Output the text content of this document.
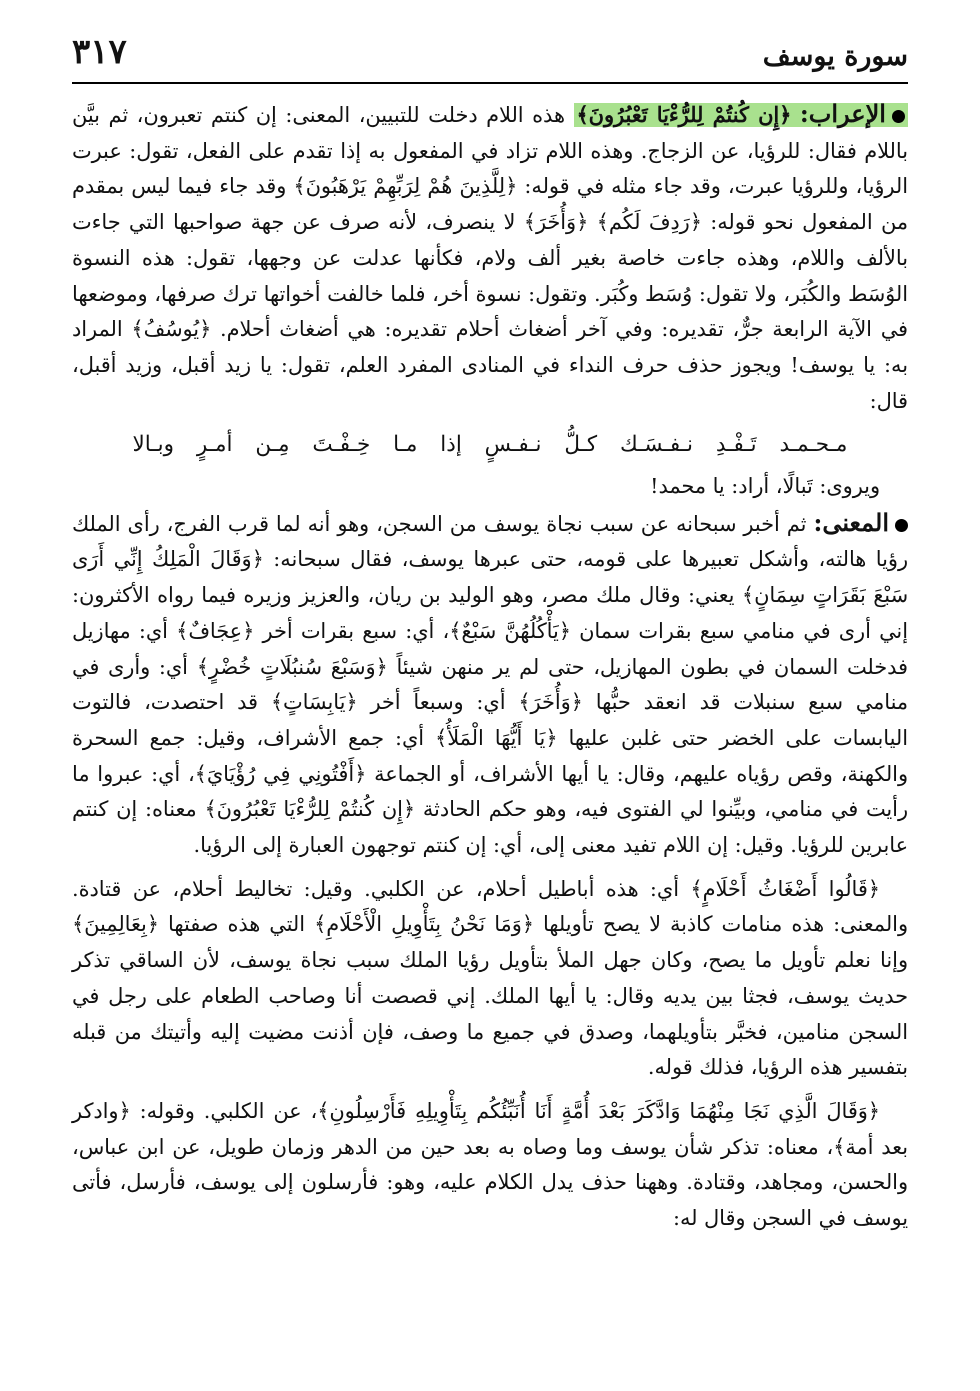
٣١٧	سورة يوسف

الإعراب: ﴿إِن كُنتُمْ لِلرُّءْيَا تَعْبُرُونَ﴾ هذه اللام دخلت للتبيين، المعنى: إن كنتم تعبرون، ثم بيَّن باللام فقال: للرؤيا، عن الزجاج. وهذه اللام تزاد في المفعول به إذا تقدم على الفعل، تقول: عبرت الرؤيا، وللرؤيا عبرت، وقد جاء مثله في قوله: ﴿لِلَّذِينَ هُمْ لِرَبِّهِمْ يَرْهَبُونَ﴾ وقد جاء فيما ليس بمقدم من المفعول نحو قوله: ﴿رَدِفَ لَكُم﴾ ﴿وَأُخَرَ﴾ لا ينصرف، لأنه صرف عن جهة صواحبها التي جاءت بالألف واللام، وهذه جاءت خاصة بغير ألف ولام، فكأنها عدلت عن وجهها، تقول: هذه النسوة الوُسَط والكُبَر، ولا تقول: وُسَط وكُبَر. وتقول: نسوة أخر، فلما خالفت أخواتها ترك صرفها، وموضعها في الآية الرابعة جرٌّ، تقديره: وفي آخر أضغاث أحلام تقديره: هي أضغاث أحلام. ﴿يُوسُفُ﴾ المراد به: يا يوسف! ويجوز حذف حرف النداء في المنادى المفرد العلم، تقول: يا زيد أقبل، وزيد أقبل، قال:

مـحـمـد تَـفْـدِ نـفـسَـك كـلُّ نـفـسٍ إذا مـا خِـفْـتَ مِـن أمـرٍ وبـالا

ويروى: تَبالًا، أراد: يا محمد!

المعنى: ثم أخبر سبحانه عن سبب نجاة يوسف من السجن، وهو أنه لما قرب الفرج، رأى الملك رؤيا هالته، وأشكل تعبيرها على قومه، حتى عبرها يوسف، فقال سبحانه: ﴿وَقَالَ الْمَلِكُ إِنِّي أَرَى سَبْعَ بَقَرَاتٍ سِمَانٍ﴾ يعني: وقال ملك مصر، وهو الوليد بن ريان، والعزيز وزيره فيما رواه الأكثرون: إني أرى في منامي سبع بقرات سمان ﴿يَأْكُلُهُنَّ سَبْعٌ﴾، أي: سبع بقرات أخر ﴿عِجَافٌ﴾ أي: مهازيل فدخلت السمان في بطون المهازيل، حتى لم ير منهن شيئاً ﴿وَسَبْعَ سُنبُلَاتٍ خُضْرٍ﴾ أي: وأرى في منامي سبع سنبلات قد انعقد حبُّها ﴿وَأُخَرَ﴾ أي: وسبعاً أخر ﴿يَابِسَاتٍ﴾ قد احتصدت، فالتوت اليابسات على الخضر حتى غلبن عليها ﴿يَا أَيُّهَا الْمَلَأُ﴾ أي: جمع الأشراف، وقيل: جمع السحرة والكهنة، وقص رؤياه عليهم، وقال: يا أيها الأشراف، أو الجماعة ﴿أَفْتُونِي فِي رُؤْيَايَ﴾، أي: عبروا ما رأيت في منامي، وبيِّنوا لي الفتوى فيه، وهو حكم الحادثة ﴿إِن كُنتُمْ لِلرُّءْيَا تَعْبُرُونَ﴾ معناه: إن كنتم عابرين للرؤيا. وقيل: إن اللام تفيد معنى إلى، أي: إن كنتم توجهون العبارة إلى الرؤيا.

﴿قَالُوا أَضْغَاثُ أَحْلَامٍ﴾ أي: هذه أباطيل أحلام، عن الكلبي. وقيل: تخاليط أحلام، عن قتادة. والمعنى: هذه منامات كاذبة لا يصح تأويلها ﴿وَمَا نَحْنُ بِتَأْوِيلِ الْأَحْلَامِ﴾ التي هذه صفتها ﴿بِعَالِمِينَ﴾ وإنا نعلم تأويل ما يصح، وكان جهل الملأ بتأويل رؤيا الملك سبب نجاة يوسف، لأن الساقي تذكر حديث يوسف، فجثا بين يديه وقال: يا أيها الملك. إني قصصت أنا وصاحب الطعام على رجل في السجن منامين، فخبَّر بتأويلهما، وصدق في جميع ما وصف، فإن أذنت مضيت إليه وأتيتك من قبله بتفسير هذه الرؤيا، فذلك قوله.

﴿وَقَالَ الَّذِي نَجَا مِنْهُمَا وَادَّكَرَ بَعْدَ أُمَّةٍ أَنَا أُنَبِّئُكُم بِتَأْوِيلِهِ فَأَرْسِلُونِ﴾، عن الكلبي. وقوله: ﴿وادكر بعد أمة﴾، معناه: تذكر شأن يوسف وما وصاه به بعد حين من الدهر وزمان طويل، عن ابن عباس، والحسن، ومجاهد، وقتادة. وههنا حذف يدل الكلام عليه، وهو: فأرسلون إلى يوسف، فأرسل، فأتى يوسف في السجن وقال له:
